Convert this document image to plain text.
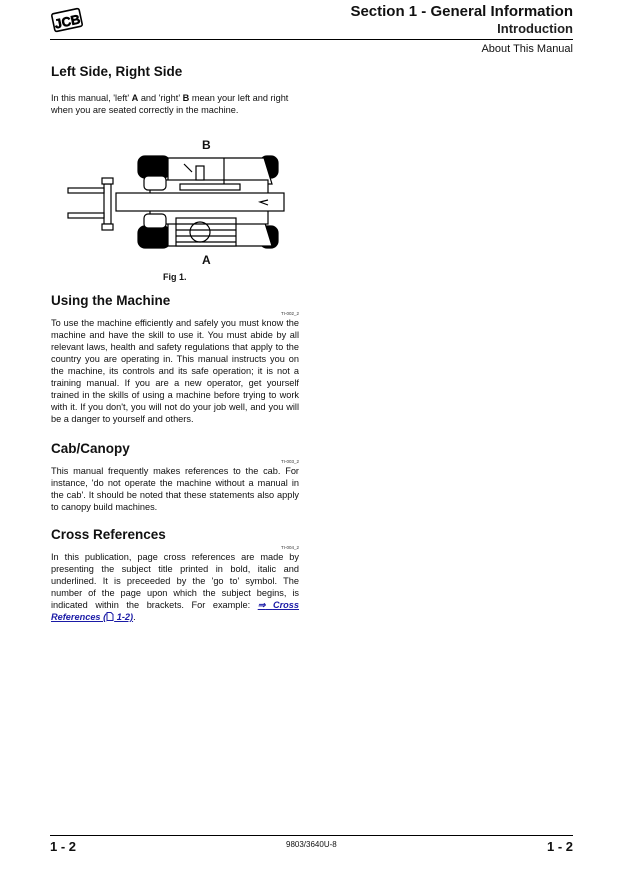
JCB	Section 1 - General Information
Introduction
About This Manual
Left Side, Right Side

In this manual, 'left' A and 'right' B mean your left and right when you are seated correctly in the machine.

B
A
Fig 1.
Using the Machine
TI-002_2

To use the machine efficiently and safely you must know the machine and have the skill to use it. You must abide by all relevant laws, health and safety regulations that apply to the country you are operating in. This manual instructs you on the machine, its controls and its safe operation; it is not a training manual. If you are a new operator, get yourself trained in the skills of using a machine before trying to work with it. If you don't, you will not do your job well, and you will be a danger to yourself and others.

Cab/Canopy
TI-003_2

This manual frequently makes references to the cab. For instance, 'do not operate the machine without a manual in the cab'. It should be noted that these statements also apply to canopy build machines.

Cross References
TI-004_2

In this publication, page cross references are made by presenting the subject title printed in bold, italic and underlined. It is preceeded by the 'go to' symbol. The number of the page upon which the subject begins, is indicated within the brackets. For example: ⇒ Cross References ( 1-2).

1 - 2	9803/3640U-8	1 - 2
